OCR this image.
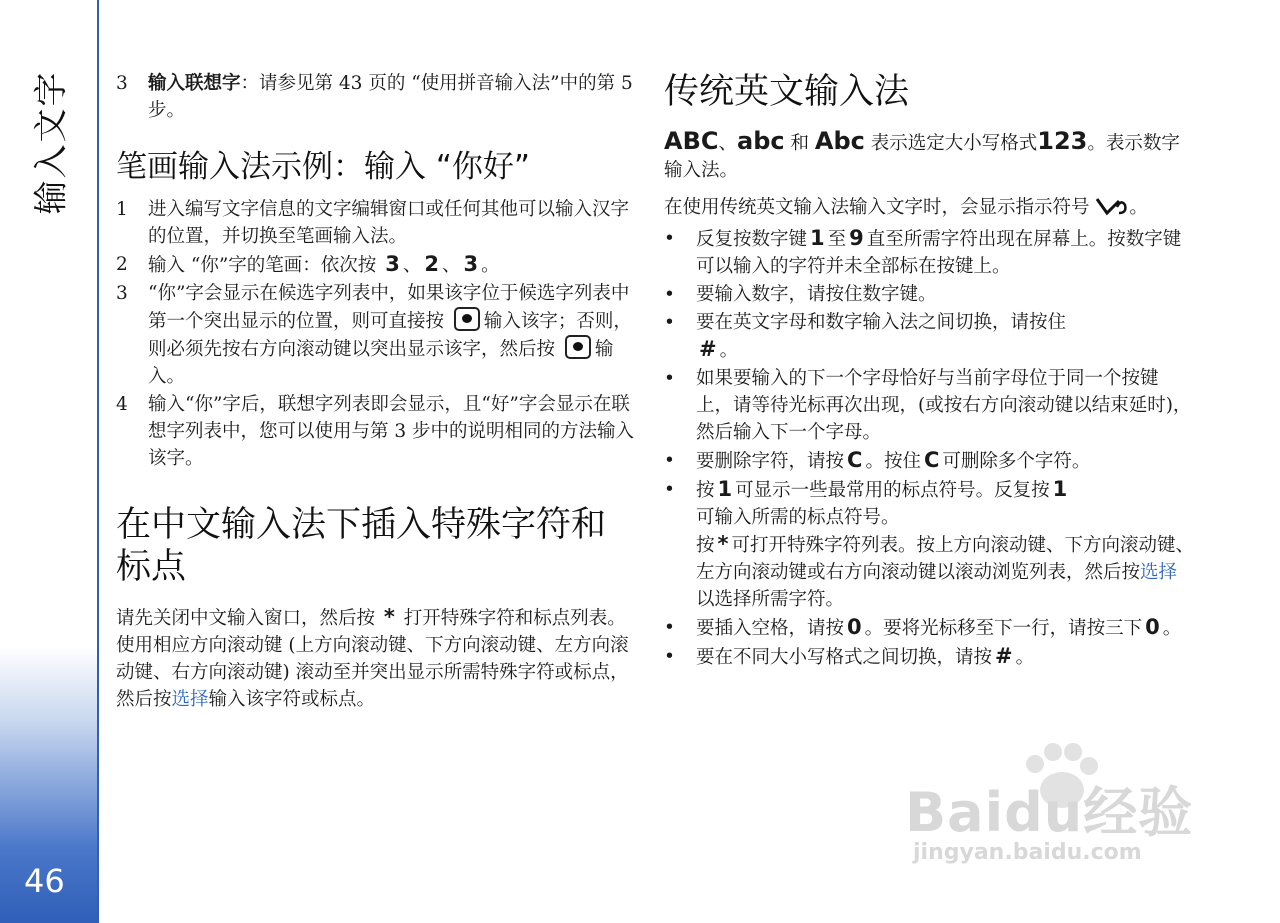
输入文字
46
3 输入联想字：请参见第 43 页的 “使用拼音输入法”中的第 5 步。
笔画输入法示例：输入 “你好”
1 进入编写文字信息的文字编辑窗口或任何其他可以输入汉字的位置，并切换至笔画输入法。
2 输入 “你”字的笔画：依次按 3 、 2 、 3 。
3 “你”字会显示在候选字列表中，如果该字位于候选字列表中第一个突出显示的位置，则可直接按 输入该字；否则，则必须先按右方向滚动键以突出显示该字，然后按 输入。
4 输入“你”字后，联想字列表即会显示，且“好”字会显示在联想字列表中，您可以使用与第 3 步中的说明相同的方法输入该字。
在中文输入法下插入特殊字符和标点

请先关闭中文输入窗口，然后按 * 打开特殊字符和标点列表。使用相应方向滚动键 (上方向滚动键、下方向滚动键、左方向滚动键、右方向滚动键) 滚动至并突出显示所需特殊字符或标点，然后按选择输入该字符或标点。

传统英文输入法

ABC、abc 和 Abc 表示选定大小写格式123。表示数字输入法。

在使用传统英文输入法输入文字时，会显示指示符号 。

• 反复按数字键 1 至 9 直至所需字符出现在屏幕上。按数字键可以输入的字符并未全部标在按键上。
• 要输入数字，请按住数字键。
• 要在英文字母和数字输入法之间切换，请按住
# 。
• 如果要输入的下一个字母恰好与当前字母位于同一个按键上，请等待光标再次出现，(或按右方向滚动键以结束延时)，然后输入下一个字母。
• 要删除字符，请按 C 。按住 C 可删除多个字符。
• 按 1 可显示一些最常用的标点符号。反复按 1
可输入所需的标点符号。
按 * 可打开特殊字符列表。按上方向滚动键、下方向滚动键、左方向滚动键或右方向滚动键以滚动浏览列表，然后按选择以选择所需字符。
• 要插入空格，请按 0 。要将光标移至下一行，请按三下 0 。
• 要在不同大小写格式之间切换，请按 # 。
Baidu经验
jingyan.baidu.com
